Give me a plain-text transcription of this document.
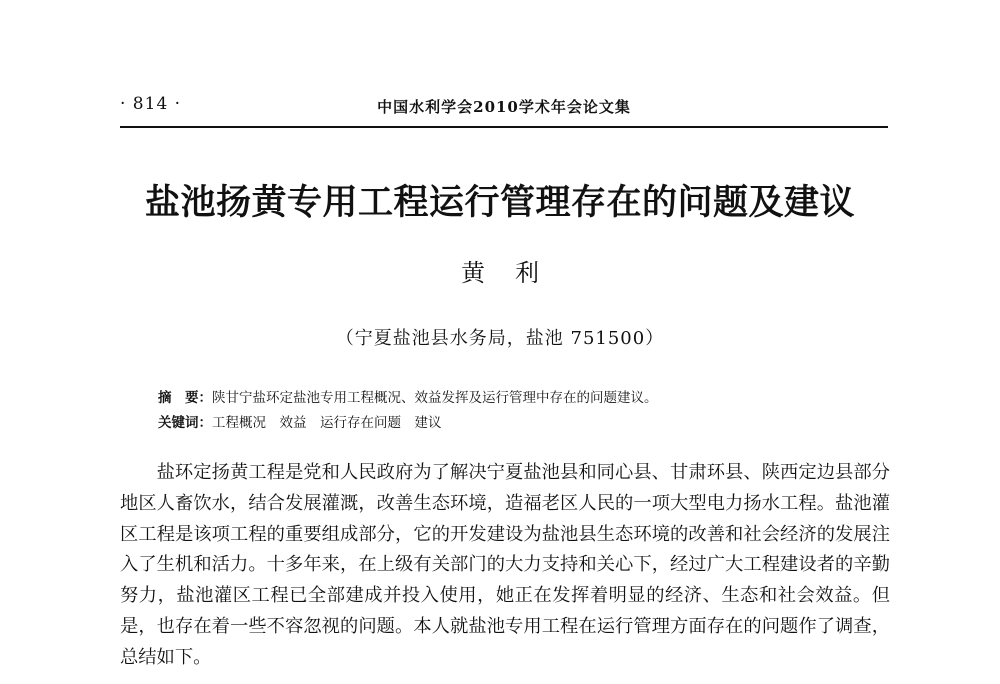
· 814 ·	中国水利学会2010学术年会论文集
盐池扬黄专用工程运行管理存在的问题及建议
黄利
（宁夏盐池县水务局，盐池 751500）
摘　要：陕甘宁盐环定盐池专用工程概况、效益发挥及运行管理中存在的问题建议。
关键词：工程概况　效益　运行存在问题　建议

盐环定扬黄工程是党和人民政府为了解决宁夏盐池县和同心县、甘肃环县、陕西定边县部分地区人畜饮水，结合发展灌溉，改善生态环境，造福老区人民的一项大型电力扬水工程。盐池灌区工程是该项工程的重要组成部分，它的开发建设为盐池县生态环境的改善和社会经济的发展注入了生机和活力。十多年来，在上级有关部门的大力支持和关心下，经过广大工程建设者的辛勤努力，盐池灌区工程已全部建成并投入使用，她正在发挥着明显的经济、生态和社会效益。但是，也存在着一些不容忽视的问题。本人就盐池专用工程在运行管理方面存在的问题作了调查，总结如下。
